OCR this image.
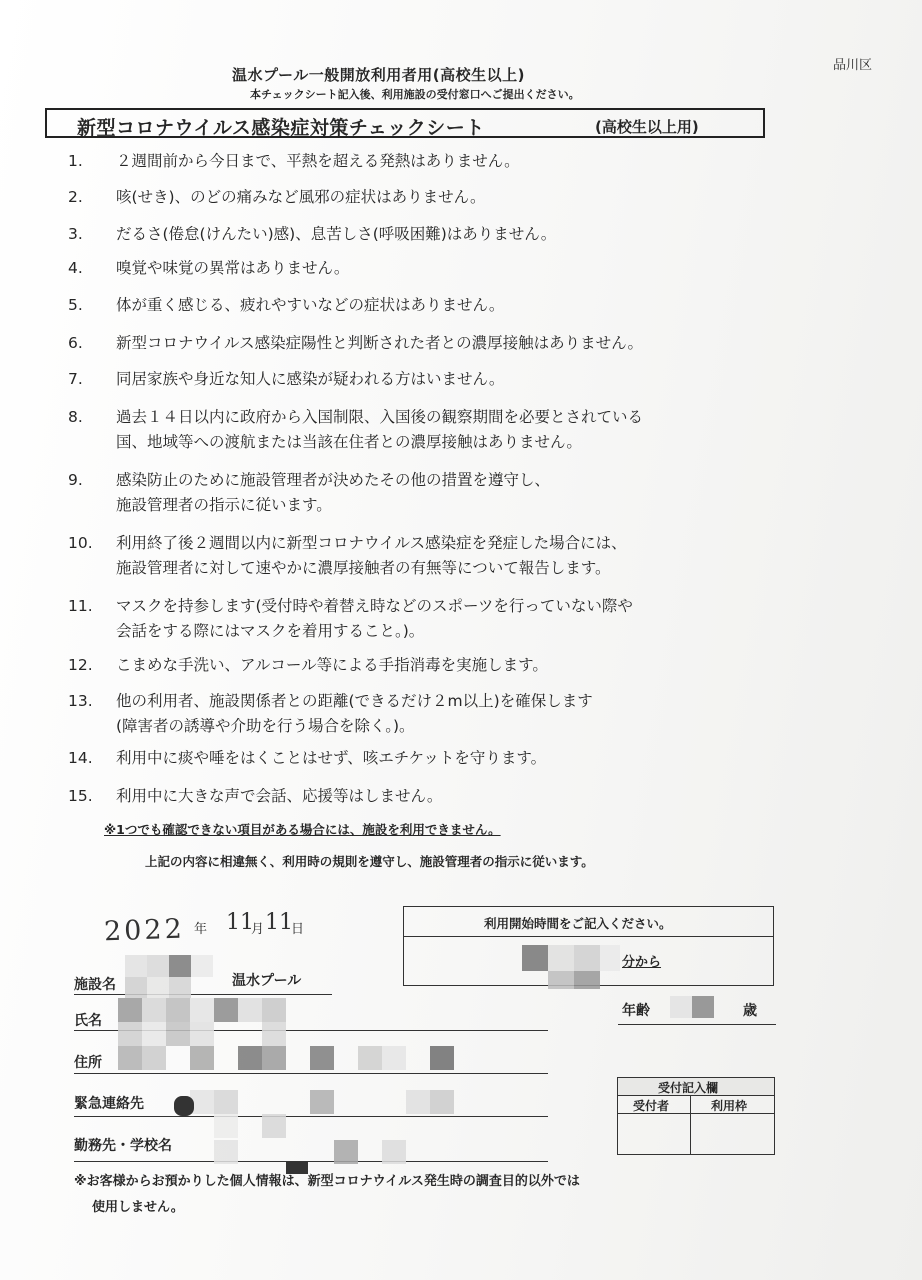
品川区
温水プール一般開放利用者用(高校生以上)
本チェックシート記入後、利用施設の受付窓口へご提出ください。
新型コロナウイルス感染症対策チェックシート	(高校生以上用)
1.	２週間前から今日まで、平熱を超える発熱はありません。
2.	咳(せき)、のどの痛みなど風邪の症状はありません。
3.	だるさ(倦怠(けんたい)感)、息苦しさ(呼吸困難)はありません。
4.	嗅覚や味覚の異常はありません。
5.	体が重く感じる、疲れやすいなどの症状はありません。
6.	新型コロナウイルス感染症陽性と判断された者との濃厚接触はありません。
7.	同居家族や身近な知人に感染が疑われる方はいません。
8.	過去１４日以内に政府から入国制限、入国後の観察期間を必要とされている
国、地域等への渡航または当該在住者との濃厚接触はありません。
9.	感染防止のために施設管理者が決めたその他の措置を遵守し、
施設管理者の指示に従います。
10.	利用終了後２週間以内に新型コロナウイルス感染症を発症した場合には、
施設管理者に対して速やかに濃厚接触者の有無等について報告します。
11.	マスクを持参します(受付時や着替え時などのスポーツを行っていない際や
会話をする際にはマスクを着用すること。)。
12.	こまめな手洗い、アルコール等による手指消毒を実施します。
13.	他の利用者、施設関係者との距離(できるだけ２m以上)を確保します
(障害者の誘導や介助を行う場合を除く。)。
14.	利用中に痰や唾をはくことはせず、咳エチケットを守ります。
15.	利用中に大きな声で会話、応援等はしません。
※1つでも確認できない項目がある場合には、施設を利用できません。
上記の内容に相違無く、利用時の規則を遵守し、施設管理者の指示に従います。
2022 年 11
月 11
日	利用開始時間をご記入ください。
分から
施設名	温水プール
氏名
年齢	歳
住所
緊急連絡先
勤務先・学校名
受付記入欄
受付者	利用枠
※お客様からお預かりした個人情報は、新型コロナウイルス発生時の調査目的以外では
使用しません。
